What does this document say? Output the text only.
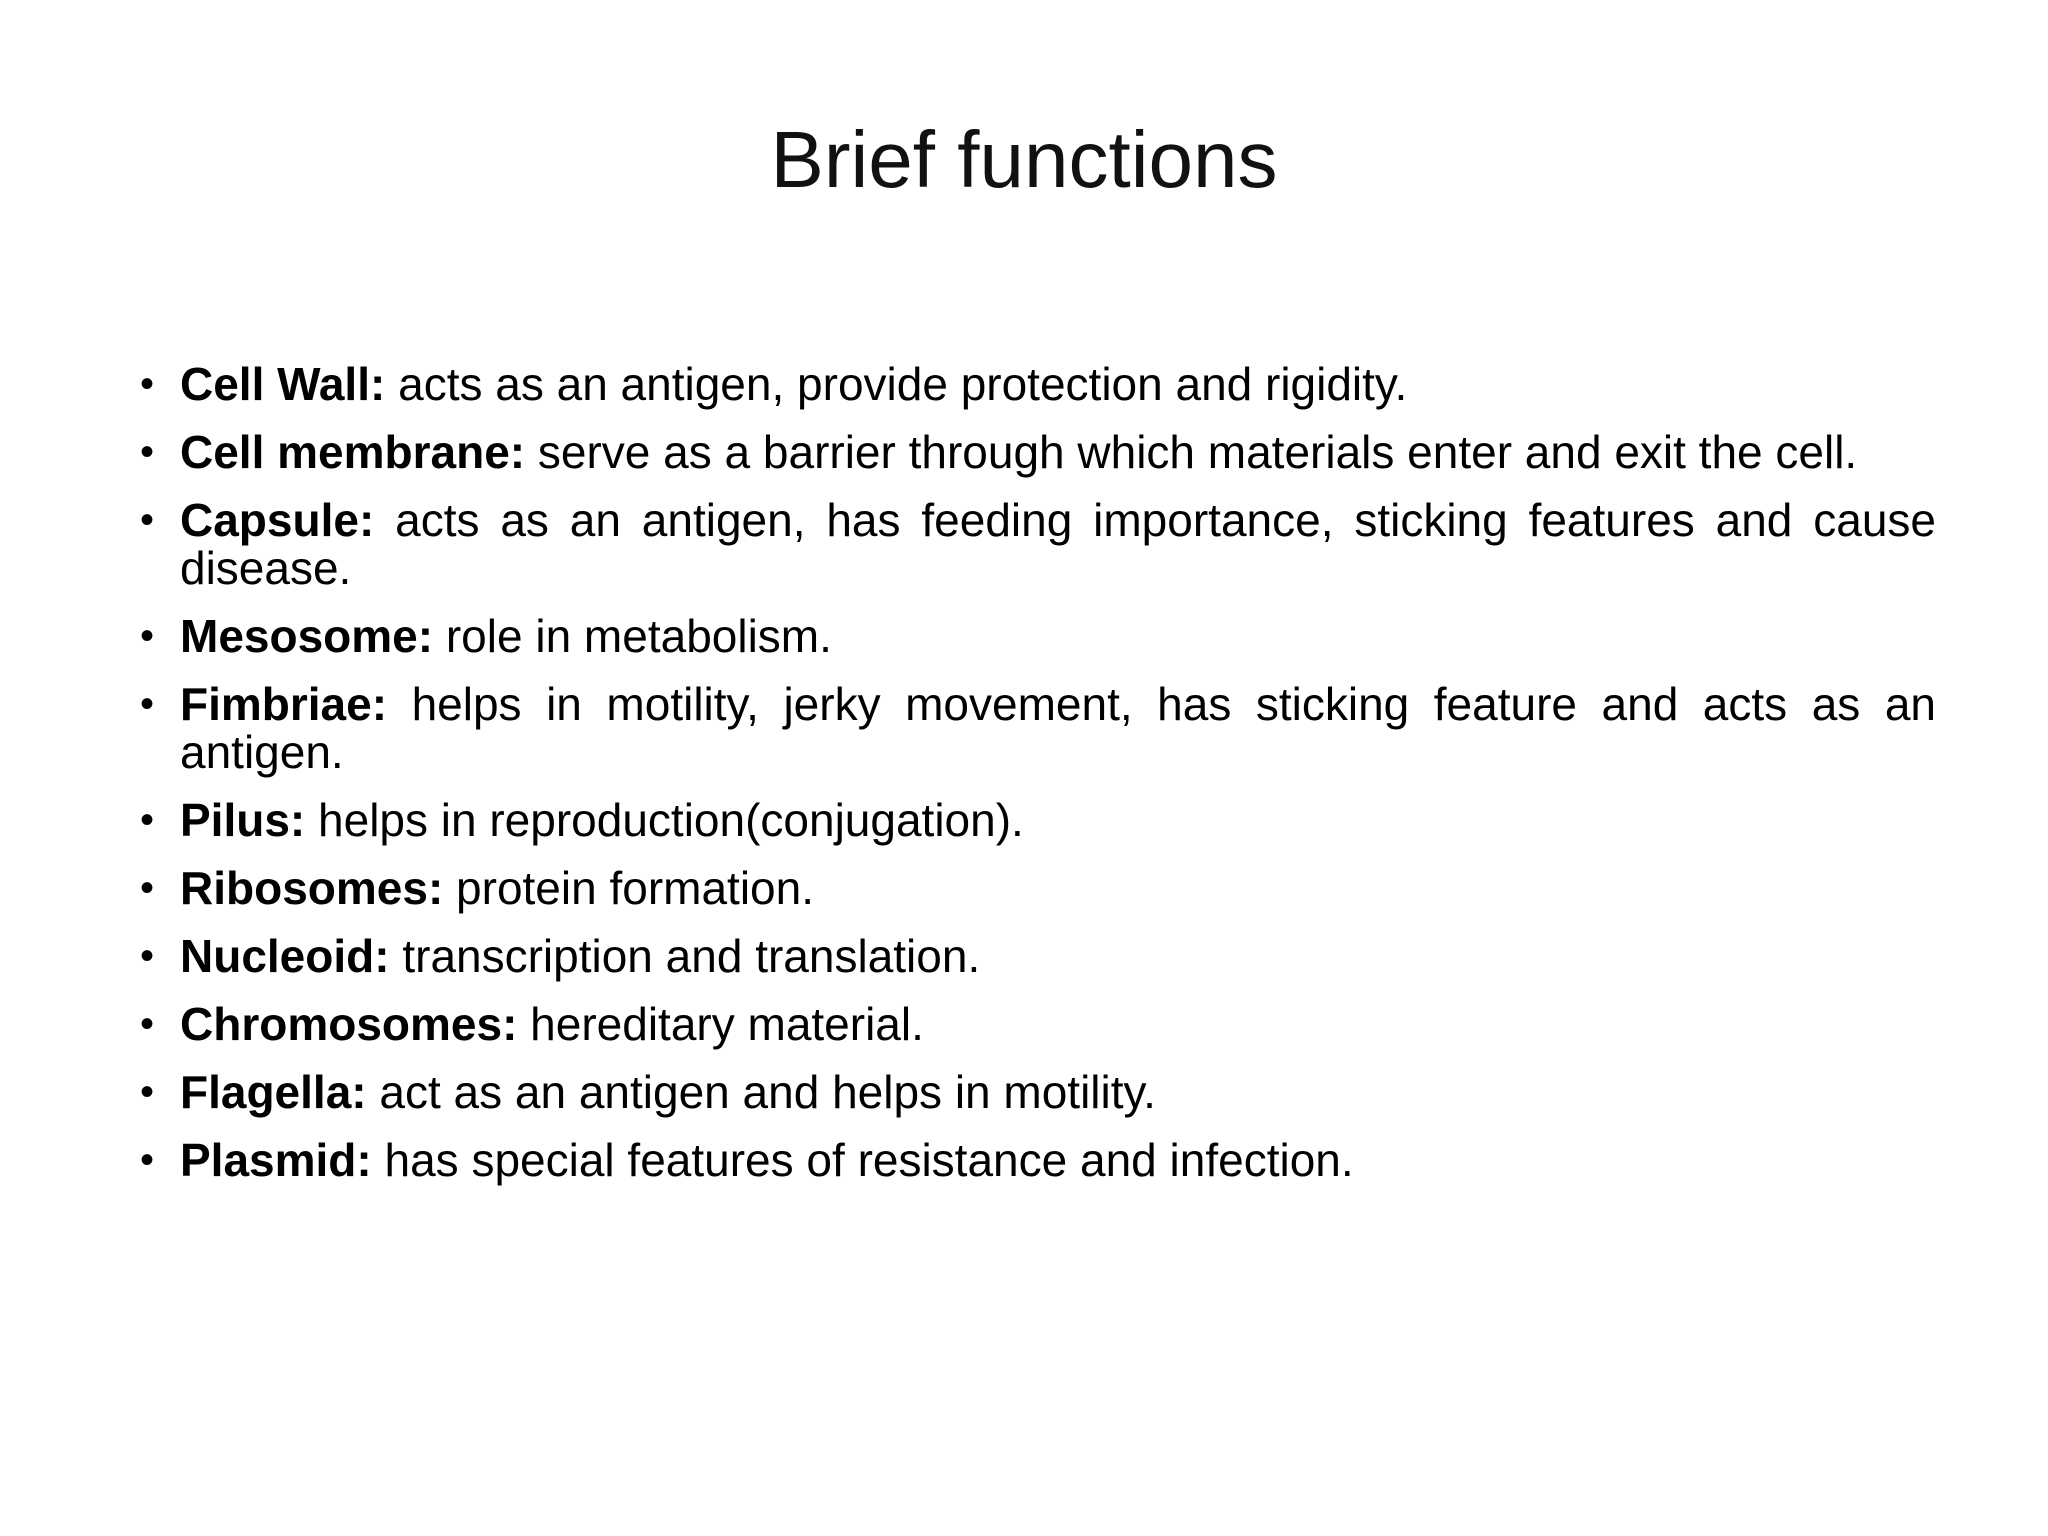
Brief functions
• Cell Wall: acts as an antigen, provide protection and rigidity.
• Cell membrane: serve as a barrier through which materials enter and exit the cell.
• Capsule: acts as an antigen, has feeding importance, sticking features and cause disease.
• Mesosome: role in metabolism.
• Fimbriae: helps in motility, jerky movement, has sticking feature and acts as an antigen.
• Pilus: helps in reproduction(conjugation).
• Ribosomes: protein formation.
• Nucleoid: transcription and translation.
• Chromosomes: hereditary material.
• Flagella: act as an antigen and helps in motility.
• Plasmid: has special features of resistance and infection.
